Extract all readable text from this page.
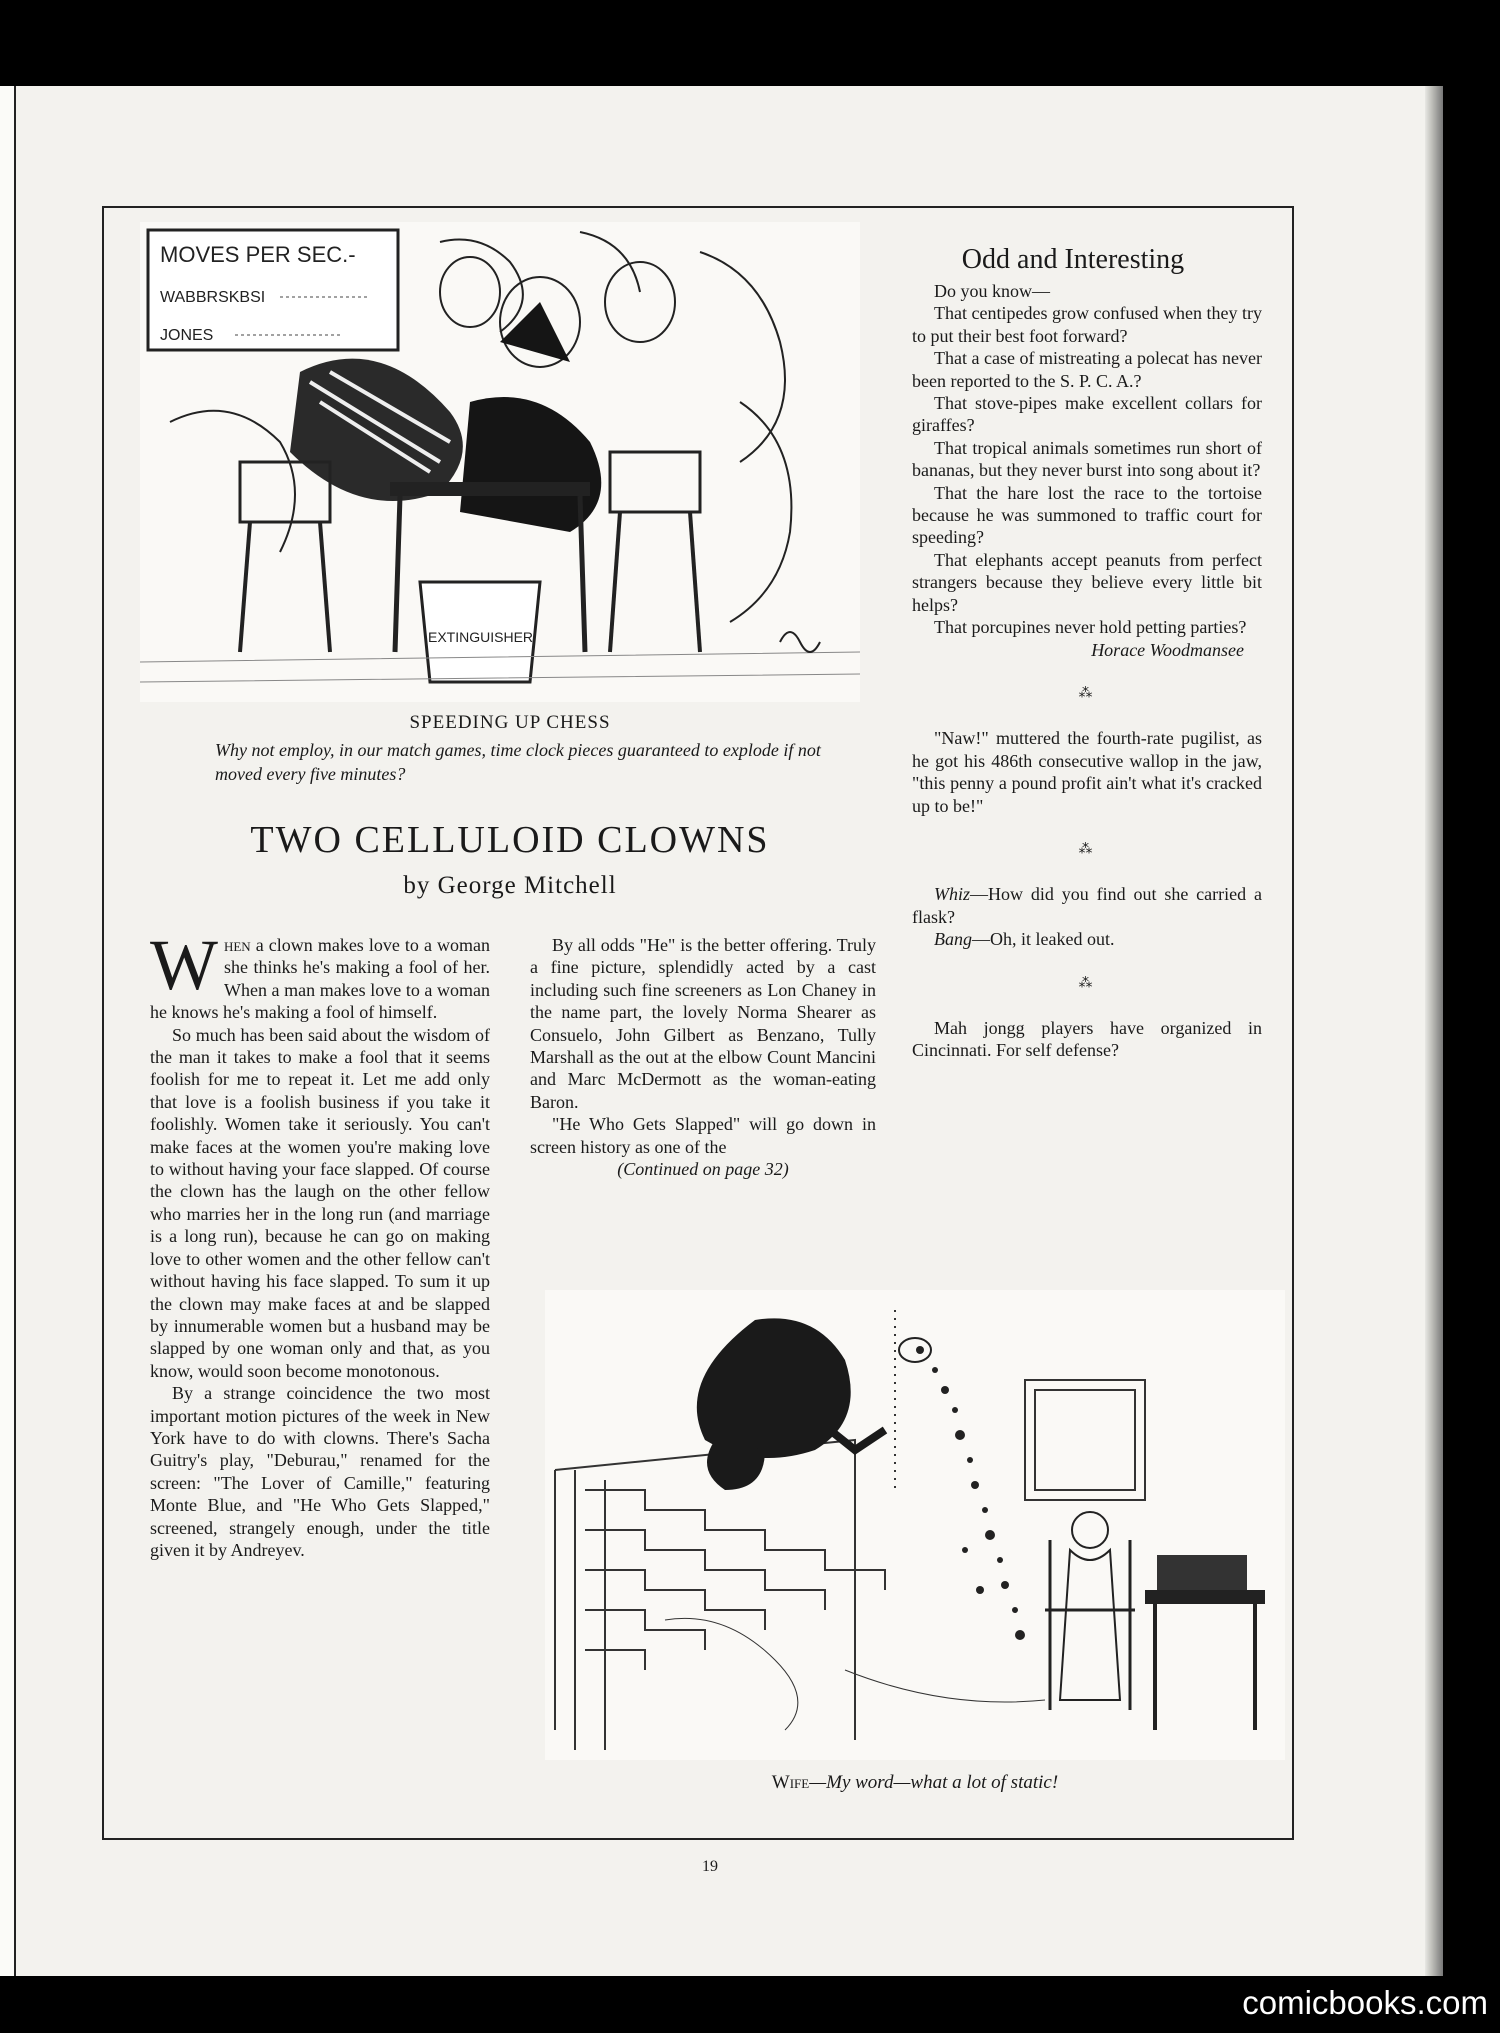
MOVES PER SEC.-
WABBRSKBSI
JONES
EXTINGUISHER
SPEEDING UP CHESS
Why not employ, in our match games, time clock pieces guaranteed to explode if not moved every five minutes?
TWO CELLULOID CLOWNS
by George Mitchell

When a clown makes love to a woman she thinks he's making a fool of her. When a man makes love to a woman he knows he's making a fool of himself.

So much has been said about the wisdom of the man it takes to make a fool that it seems foolish for me to repeat it. Let me add only that love is a foolish business if you take it foolishly. Women take it seriously. You can't make faces at the women you're making love to without having your face slapped. Of course the clown has the laugh on the other fellow who marries her in the long run (and marriage is a long run), because he can go on making love to other women and the other fellow can't without having his face slapped. To sum it up the clown may make faces at and be slapped by innumerable women but a husband may be slapped by one woman only and that, as you know, would soon become monotonous.

By a strange coincidence the two most important motion pictures of the week in New York have to do with clowns. There's Sacha Guitry's play, "Deburau," renamed for the screen: "The Lover of Camille," featuring Monte Blue, and "He Who Gets Slapped," screened, strangely enough, under the title given it by Andreyev.

By all odds "He" is the better offering. Truly a fine picture, splendidly acted by a cast including such fine screeners as Lon Chaney in the name part, the lovely Norma Shearer as Consuelo, John Gilbert as Benzano, Tully Marshall as the out at the elbow Count Mancini and Marc McDermott as the woman-eating Baron.

"He Who Gets Slapped" will go down in screen history as one of the

(Continued on page 32)

Odd and Interesting

Do you know—

That centipedes grow confused when they try to put their best foot forward?

That a case of mistreating a polecat has never been reported to the S. P. C. A.?

That stove-pipes make excellent collars for giraffes?

That tropical animals sometimes run short of bananas, but they never burst into song about it?

That the hare lost the race to the tortoise because he was summoned to traffic court for speeding?

That elephants accept peanuts from perfect strangers because they believe every little bit helps?

That porcupines never hold petting parties?

Horace Woodmansee

⁂

"Naw!" muttered the fourth-rate pugilist, as he got his 486th consecutive wallop in the jaw, "this penny a pound profit ain't what it's cracked up to be!"

⁂

Whiz—How did you find out she carried a flask?

Bang—Oh, it leaked out.

⁂

Mah jongg players have organized in Cincinnati. For self defense?

Wife—My word—what a lot of static!
19
comicbooks.com
